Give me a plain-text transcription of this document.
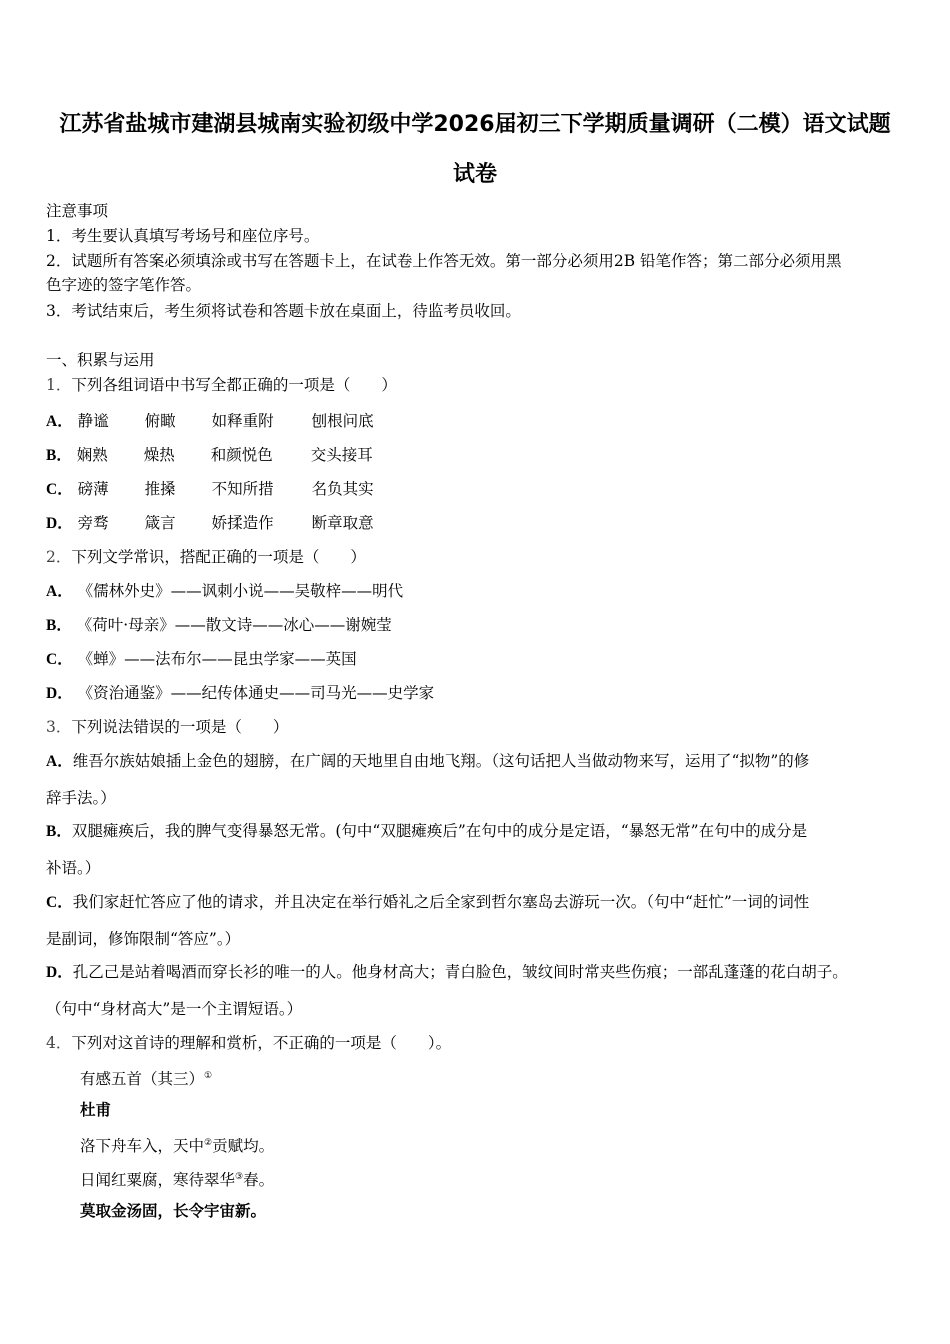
江苏省盐城市建湖县城南实验初级中学2026届初三下学期质量调研（二模）语文试题
试卷
注意事项
1．考生要认真填写考场号和座位序号。
2．试题所有答案必须填涂或书写在答题卡上，在试卷上作答无效。第一部分必须用2B 铅笔作答；第二部分必须用黑
色字迹的签字笔作答。
3．考试结束后，考生须将试卷和答题卡放在桌面上，待监考员收回。
一、积累与运用
1．下列各组词语中书写全都正确的一项是（　　）
A． 静谧 俯瞰 如释重附 刨根问底
B． 娴熟 燥热 和颜悦色 交头接耳
C． 磅薄 推搡 不知所措 名负其实
D． 旁骛 箴言 娇揉造作 断章取意
2．下列文学常识，搭配正确的一项是（　　）
A． 《儒林外史》——讽刺小说——吴敬梓——明代
B． 《荷叶·母亲》——散文诗——冰心——谢婉莹
C． 《蝉》——法布尔——昆虫学家——英国
D． 《资治通鉴》——纪传体通史——司马光——史学家
3．下列说法错误的一项是（　　）
A．维吾尔族姑娘插上金色的翅膀，在广阔的天地里自由地飞翔。（这句话把人当做动物来写，运用了“拟物”的修
辞手法。）
B．双腿瘫痪后，我的脾气变得暴怒无常。(句中“双腿瘫痪后”在句中的成分是定语，“暴怒无常”在句中的成分是
补语。）
C．我们家赶忙答应了他的请求，并且决定在举行婚礼之后全家到哲尔塞岛去游玩一次。（句中“赶忙”一词的词性
是副词，修饰限制“答应”。）
D．孔乙己是站着喝酒而穿长衫的唯一的人。他身材高大；青白脸色，皱纹间时常夹些伤痕；一部乱蓬蓬的花白胡子。
（句中“身材高大”是一个主谓短语。）
4．下列对这首诗的理解和赏析，不正确的一项是（　　）。
有感五首（其三）①
杜甫
洛下舟车入，天中②贡赋均。
日闻红粟腐，寒待翠华③春。
莫取金汤固，长令宇宙新。
